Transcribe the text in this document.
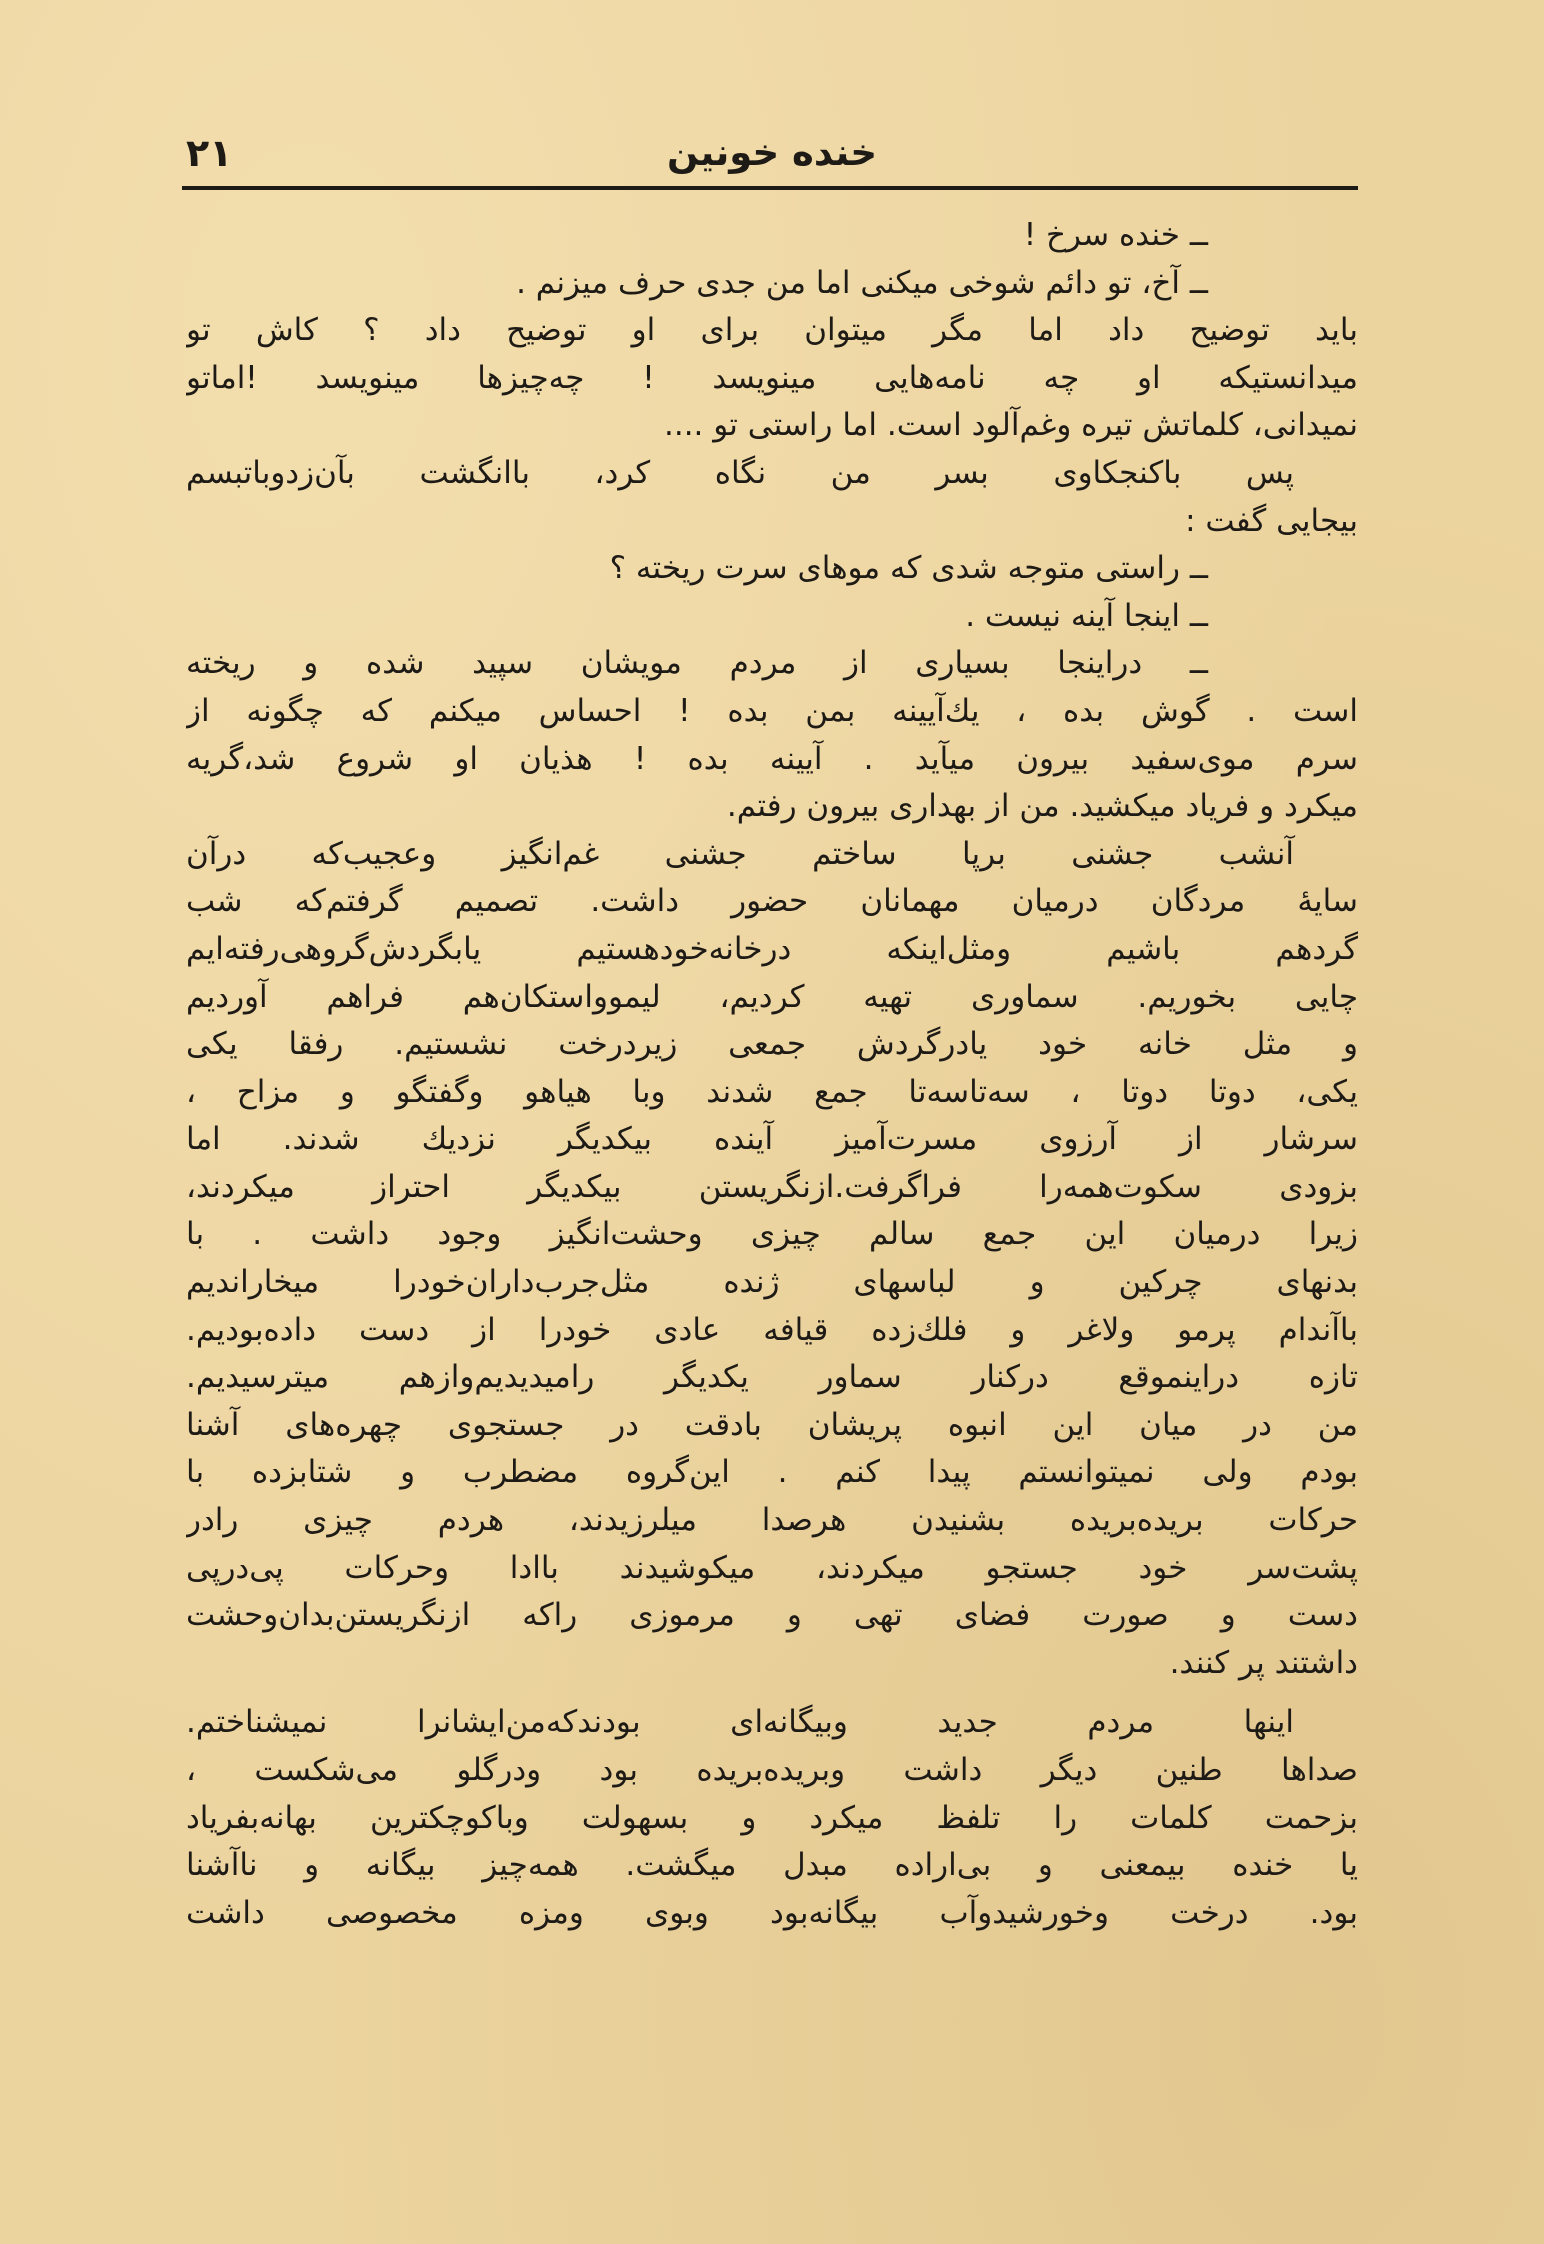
خنده خونین
۲۱
ــ خنده سرخ !
ــ آخ، تو دائم شوخی میکنی اما من جدی حرف میزنم .
باید توضیح داد اما مگر میتوان برای او توضیح داد ؟ کاش تو
میدانستیکه او چه نامه‌هایی مینویسد ! چه‌چیزها مینویسد !اماتو
نمیدانی، کلماتش تیره وغم‌آلود است. اما راستی تو ....
پس باکنجکاوی بسر من نگاه کرد، باانگشت بآن‌زدوباتبسم
بیجایی گفت :
ــ راستی متوجه شدی که موهای سرت ریخته ؟
ــ اینجا آینه نیست .
ــ دراینجا بسیاری از مردم مویشان سپید شده و ریخته
است . گوش بده ، یك‌آیینه بمن بده ! احساس میکنم که چگونه از
سرم موی‌سفید بیرون میآید . آیینه بده ! هذیان او شروع شد،گریه
میکرد و فریاد میکشید. من از بهداری بیرون رفتم.
آنشب جشنی برپا ساختم جشنی غم‌انگیز وعجیب‌که درآن
سایهٔ مردگان درمیان مهمانان حضور داشت. تصمیم گرفتم‌که شب
گردهم باشیم ومثل‌اینکه درخانه‌خودهستیم یابگردش‌گروهی‌رفته‌ایم
چایی بخوریم. سماوری تهیه کردیم، لیموواستکان‌هم فراهم آوردیم
و مثل خانه خود یادرگردش جمعی زیردرخت نشستیم. رفقا یکی
یکی، دوتا دوتا ، سه‌تاسه‌تا جمع شدند وبا هیاهو وگفتگو و مزاح ،
سرشار از آرزوی مسرت‌آمیز آینده بیکدیگر نزدیك شدند. اما
بزودی سکوت‌همه‌را فراگرفت.ازنگریستن بیکدیگر احتراز میکردند،
زیرا درمیان این جمع سالم چیزی وحشت‌انگیز وجود داشت . با
بدنهای چرکین و لباسهای ژنده مثل‌جرب‌داران‌خودرا میخاراندیم
باآندام پرمو ولاغر و فلك‌زده قیافه عادی خودرا از دست داده‌بودیم.
تازه دراینموقع درکنار سماور یکدیگر رامیدیدیم‌وازهم میترسیدیم.
من در میان این انبوه پریشان بادقت در جستجوی چهره‌های آشنا
بودم ولی نمیتوانستم پیدا کنم . این‌گروه مضطرب و شتابزده با
حرکات بریده‌بریده بشنیدن هرصدا میلرزیدند، هردم چیزی رادر
پشت‌سر خود جستجو میکردند، میکوشیدند باادا وحرکات پی‌درپی
دست و صورت فضای تهی و مرموزی راکه ازنگریستن‌بدان‌وحشت
داشتند پر کنند.
اینها مردم جدید وبیگانه‌ای بودندکه‌من‌ایشانرا نمیشناختم.
صداها طنین دیگر داشت وبریده‌بریده بود ودرگلو می‌شکست ،
بزحمت کلمات را تلفظ میکرد و بسهولت وباکوچکترین بهانه‌بفریاد
یا خنده بیمعنی و بی‌اراده مبدل میگشت. همه‌چیز بیگانه و ناآشنا
بود. درخت وخورشیدوآب بیگانه‌بود وبوی ومزه مخصوصی داشت
